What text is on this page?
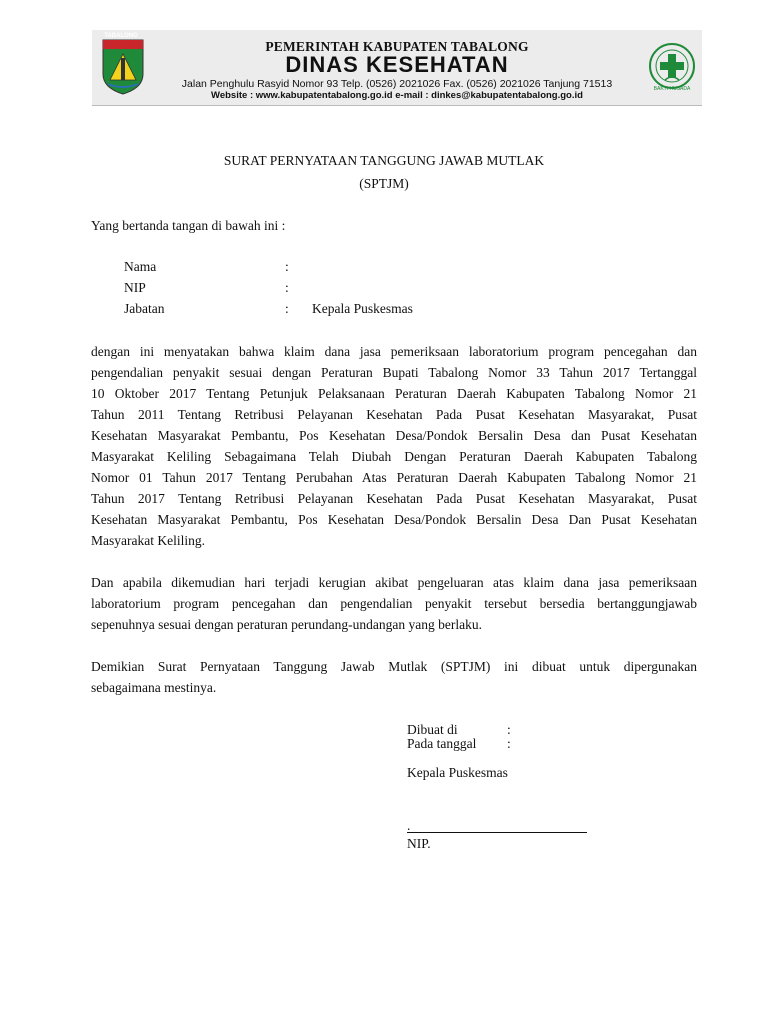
TABALONG
PEMERINTAH KABUPATEN TABALONG
DINAS KESEHATAN
Jalan Penghulu Rasyid Nomor 93 Telp. (0526) 2021026 Fax. (0526) 2021026 Tanjung 71513
Website : www.kabupatentabalong.go.id e-mail : dinkes@kabupatentabalong.go.id
BAKTI HUSADA
SURAT PERNYATAAN TANGGUNG JAWAB MUTLAK
(SPTJM)
Yang bertanda tangan di bawah ini :
Nama	:
NIP	:
Jabatan	: Kepala Puskesmas
dengan ini menyatakan bahwa klaim dana jasa pemeriksaan laboratorium program pencegahan dan
pengendalian penyakit sesuai dengan Peraturan Bupati Tabalong Nomor 33 Tahun 2017 Tertanggal
10 Oktober 2017 Tentang Petunjuk Pelaksanaan Peraturan Daerah Kabupaten Tabalong Nomor 21
Tahun 2011 Tentang Retribusi Pelayanan Kesehatan Pada Pusat Kesehatan Masyarakat, Pusat
Kesehatan Masyarakat Pembantu, Pos Kesehatan Desa/Pondok Bersalin Desa dan Pusat Kesehatan
Masyarakat Keliling Sebagaimana Telah Diubah Dengan Peraturan Daerah Kabupaten Tabalong
Nomor 01 Tahun 2017 Tentang Perubahan Atas Peraturan Daerah Kabupaten Tabalong Nomor 21
Tahun 2017 Tentang Retribusi Pelayanan Kesehatan Pada Pusat Kesehatan Masyarakat, Pusat
Kesehatan Masyarakat Pembantu, Pos Kesehatan Desa/Pondok Bersalin Desa Dan Pusat Kesehatan
Masyarakat Keliling.
Dan apabila dikemudian hari terjadi kerugian akibat pengeluaran atas klaim dana jasa pemeriksaan
laboratorium program pencegahan dan pengendalian penyakit tersebut bersedia bertanggungjawab
sepenuhnya sesuai dengan peraturan perundang-undangan yang berlaku.
Demikian Surat Pernyataan Tanggung Jawab Mutlak (SPTJM) ini dibuat untuk dipergunakan
sebagaimana mestinya.
Dibuat di	:
Pada tanggal :
Kepala Puskesmas
.
NIP.
